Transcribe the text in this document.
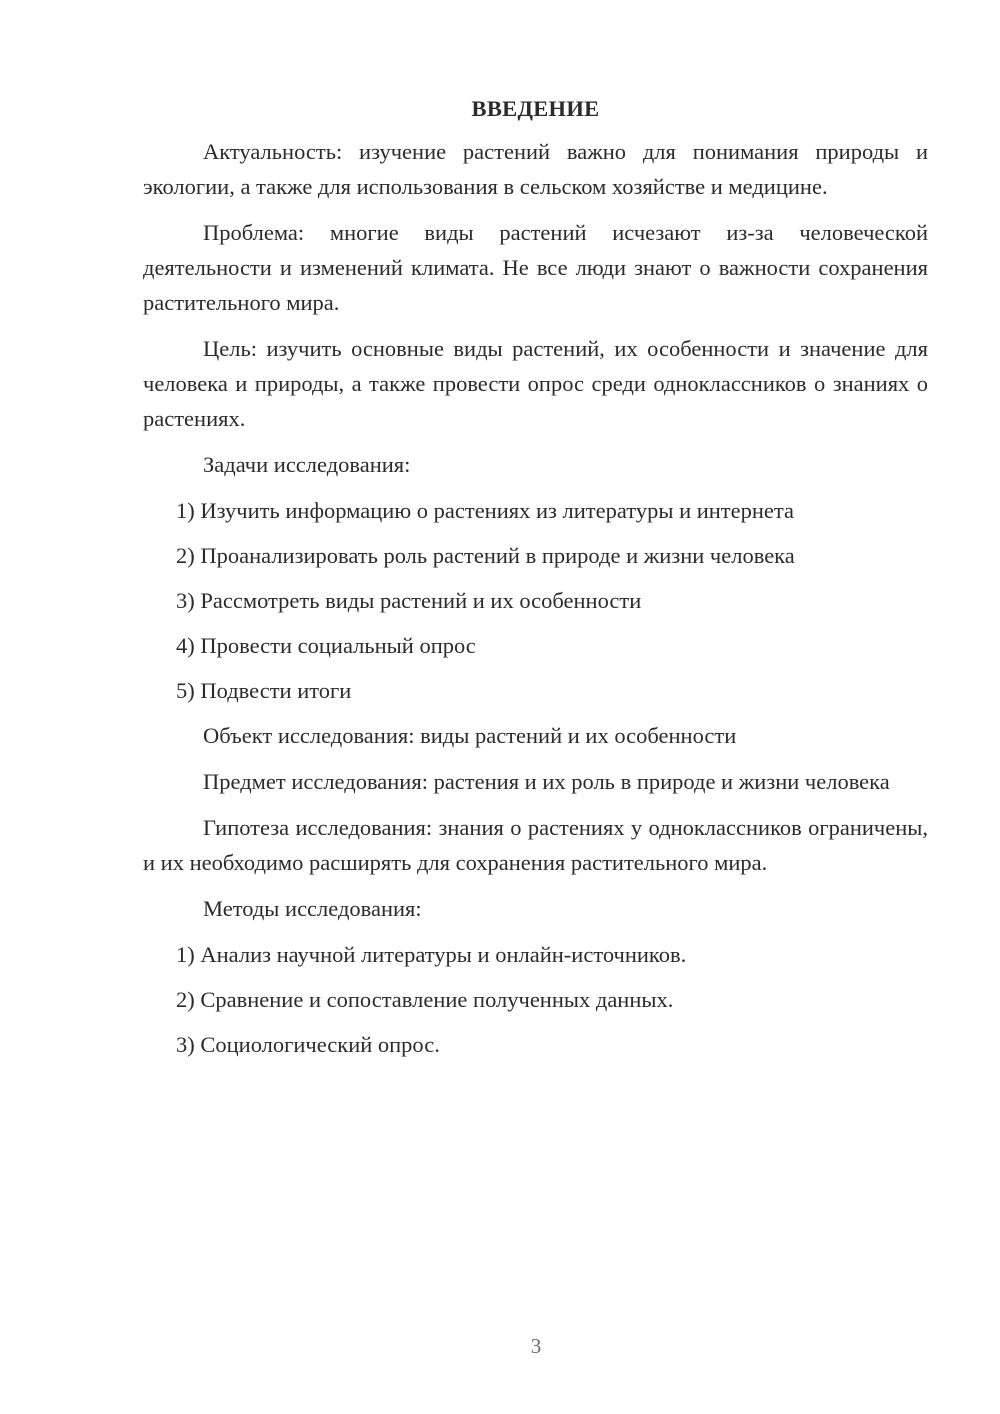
ВВЕДЕНИЕ

Актуальность: изучение растений важно для понимания природы и экологии, а также для использования в сельском хозяйстве и медицине.

Проблема: многие виды растений исчезают из-за человеческой деятельности и изменений климата. Не все люди знают о важности сохранения растительного мира.

Цель: изучить основные виды растений, их особенности и значение для человека и природы, а также провести опрос среди одноклассников о знаниях о растениях.

Задачи исследования:

1) Изучить информацию о растениях из литературы и интернета

2) Проанализировать роль растений в природе и жизни человека

3) Рассмотреть виды растений и их особенности

4) Провести социальный опрос

5) Подвести итоги

Объект исследования: виды растений и их особенности

Предмет исследования: растения и их роль в природе и жизни человека

Гипотеза исследования: знания о растениях у одноклассников ограничены, и их необходимо расширять для сохранения растительного мира.

Методы исследования:

1) Анализ научной литературы и онлайн-источников.

2) Сравнение и сопоставление полученных данных.

3) Социологический опрос.

3
